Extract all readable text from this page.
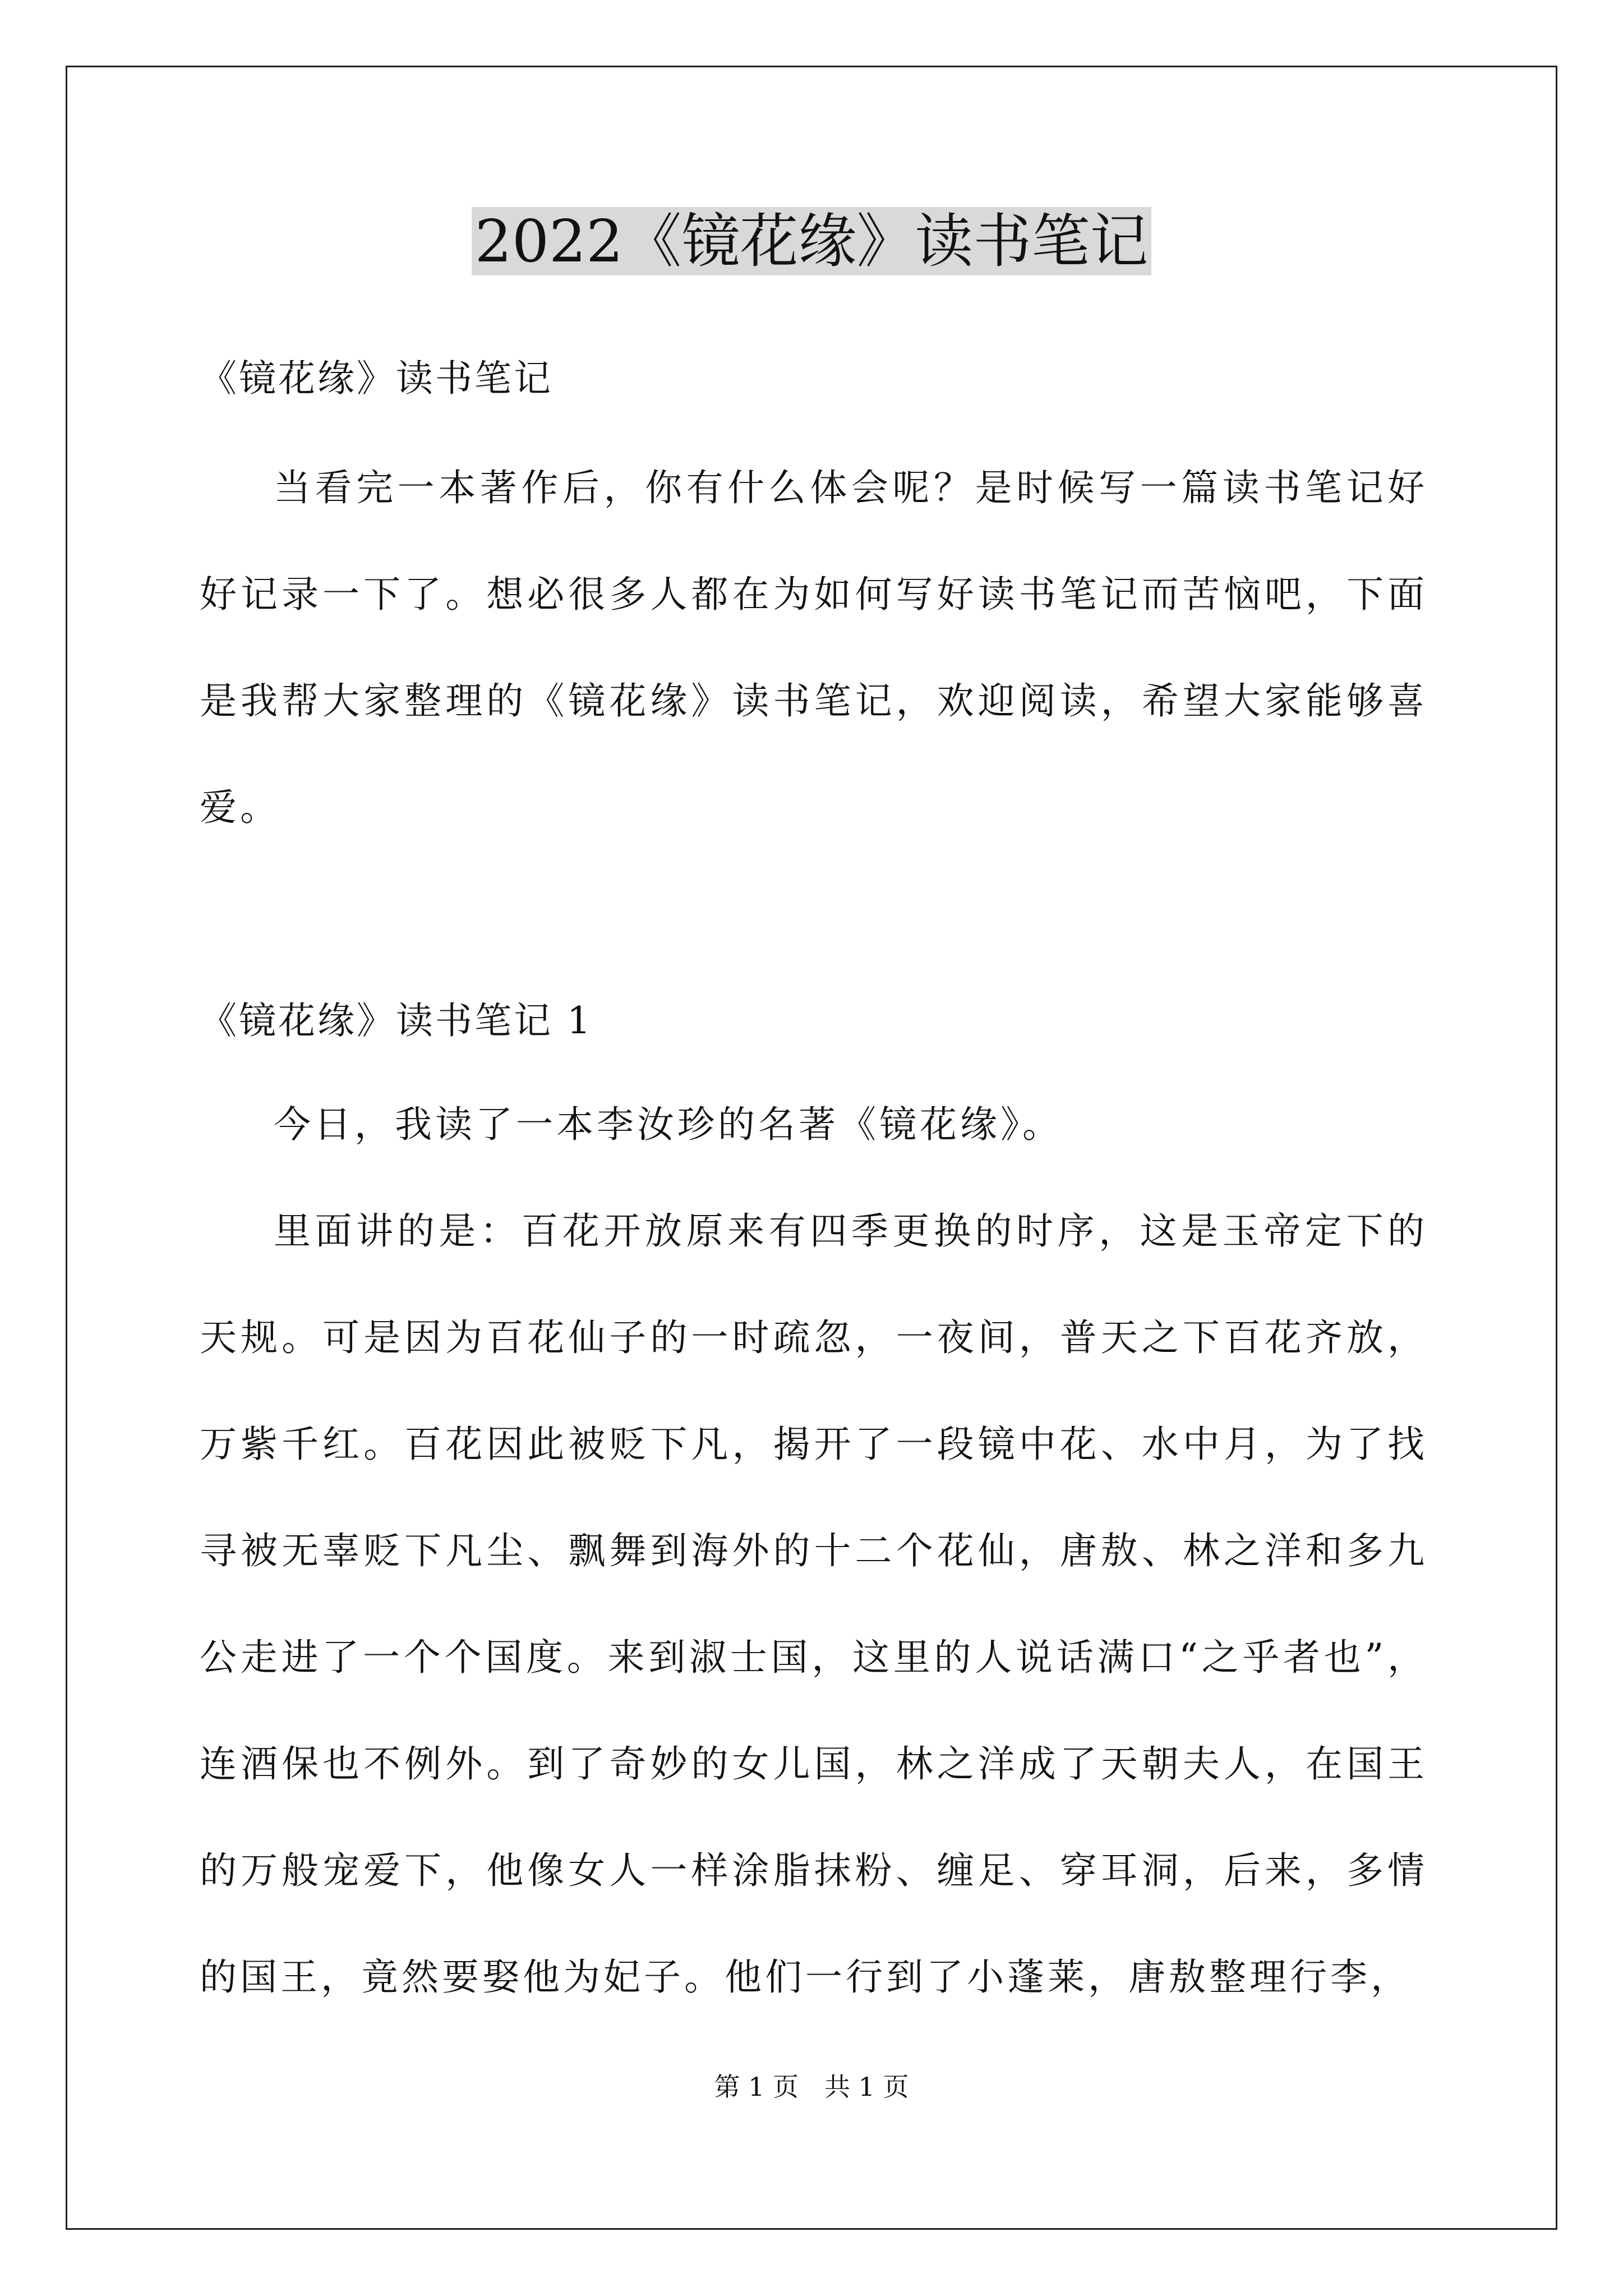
2022《镜花缘》读书笔记
《镜花缘》读书笔记

当看完一本著作后，你有什么体会呢？是时候写一篇读书笔记好好记录一下了。想必很多人都在为如何写好读书笔记而苦恼吧，下面是我帮大家整理的《镜花缘》读书笔记，欢迎阅读，希望大家能够喜爱。

《镜花缘》读书笔记 1

今日，我读了一本李汝珍的名著《镜花缘》。

里面讲的是：百花开放原来有四季更换的时序，这是玉帝定下的天规。可是因为百花仙子的一时疏忽，一夜间，普天之下百花齐放，万紫千红。百花因此被贬下凡，揭开了一段镜中花、水中月，为了找寻被无辜贬下凡尘、飘舞到海外的十二个花仙，唐敖、林之洋和多九公走进了一个个国度。来到淑士国，这里的人说话满口“之乎者也”，连酒保也不例外。到了奇妙的女儿国，林之洋成了天朝夫人，在国王的万般宠爱下，他像女人一样涂脂抹粉、缠足、穿耳洞，后来，多情的国王，竟然要娶他为妃子。他们一行到了小蓬莱，唐敖整理行李，

第 1 页 共 1 页
